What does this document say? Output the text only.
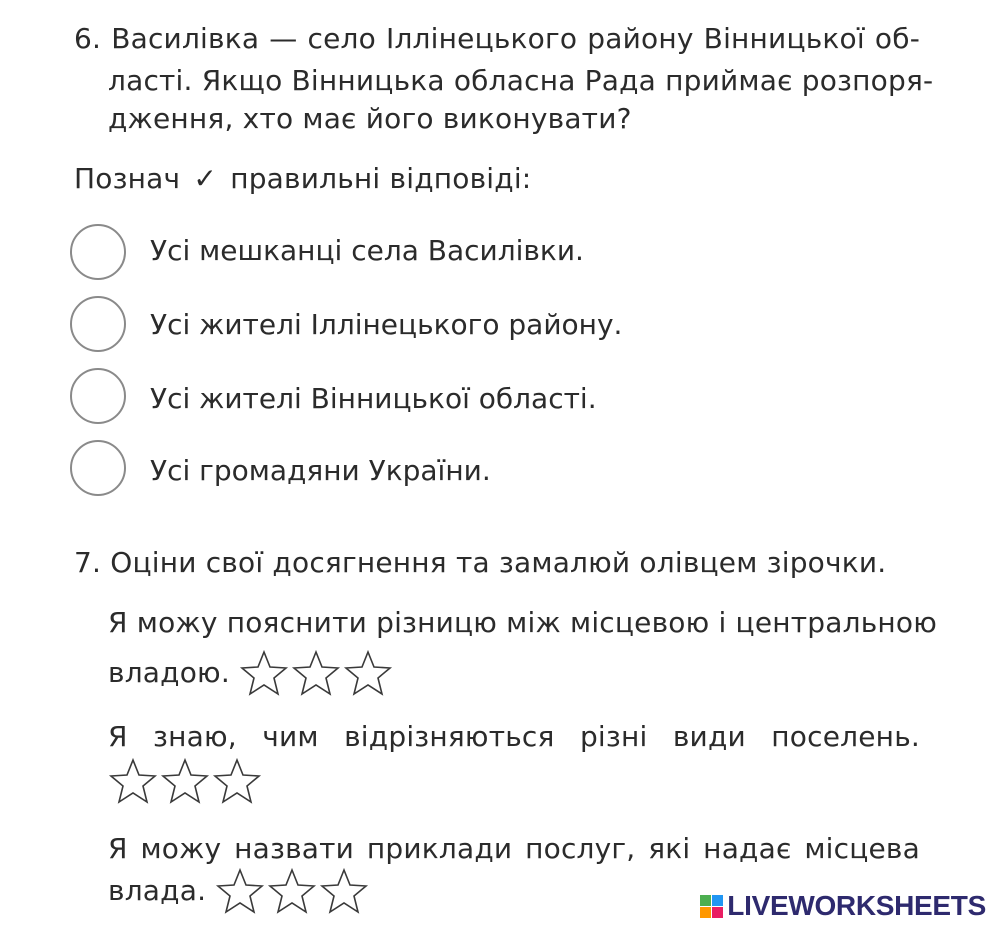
6. Василівка — село Іллінецького району Вінницької об-
ласті. Якщо Вінницька обласна Рада приймає розпоря-
дження, хто має його виконувати?
Познач ✓ правильні відповіді:
Усі мешканці села Василівки.
Усі жителі Іллінецького району.
Усі жителі Вінницької області.
Усі громадяни України.
7. Оціни свої досягнення та замалюй олівцем зірочки.
Я можу пояснити різницю між місцевою і центральною
владою.
Я знаю, чим відрізняються різні види поселень.
Я можу назвати приклади послуг, які надає місцева
влада.	LIVEWORKSHEETS
